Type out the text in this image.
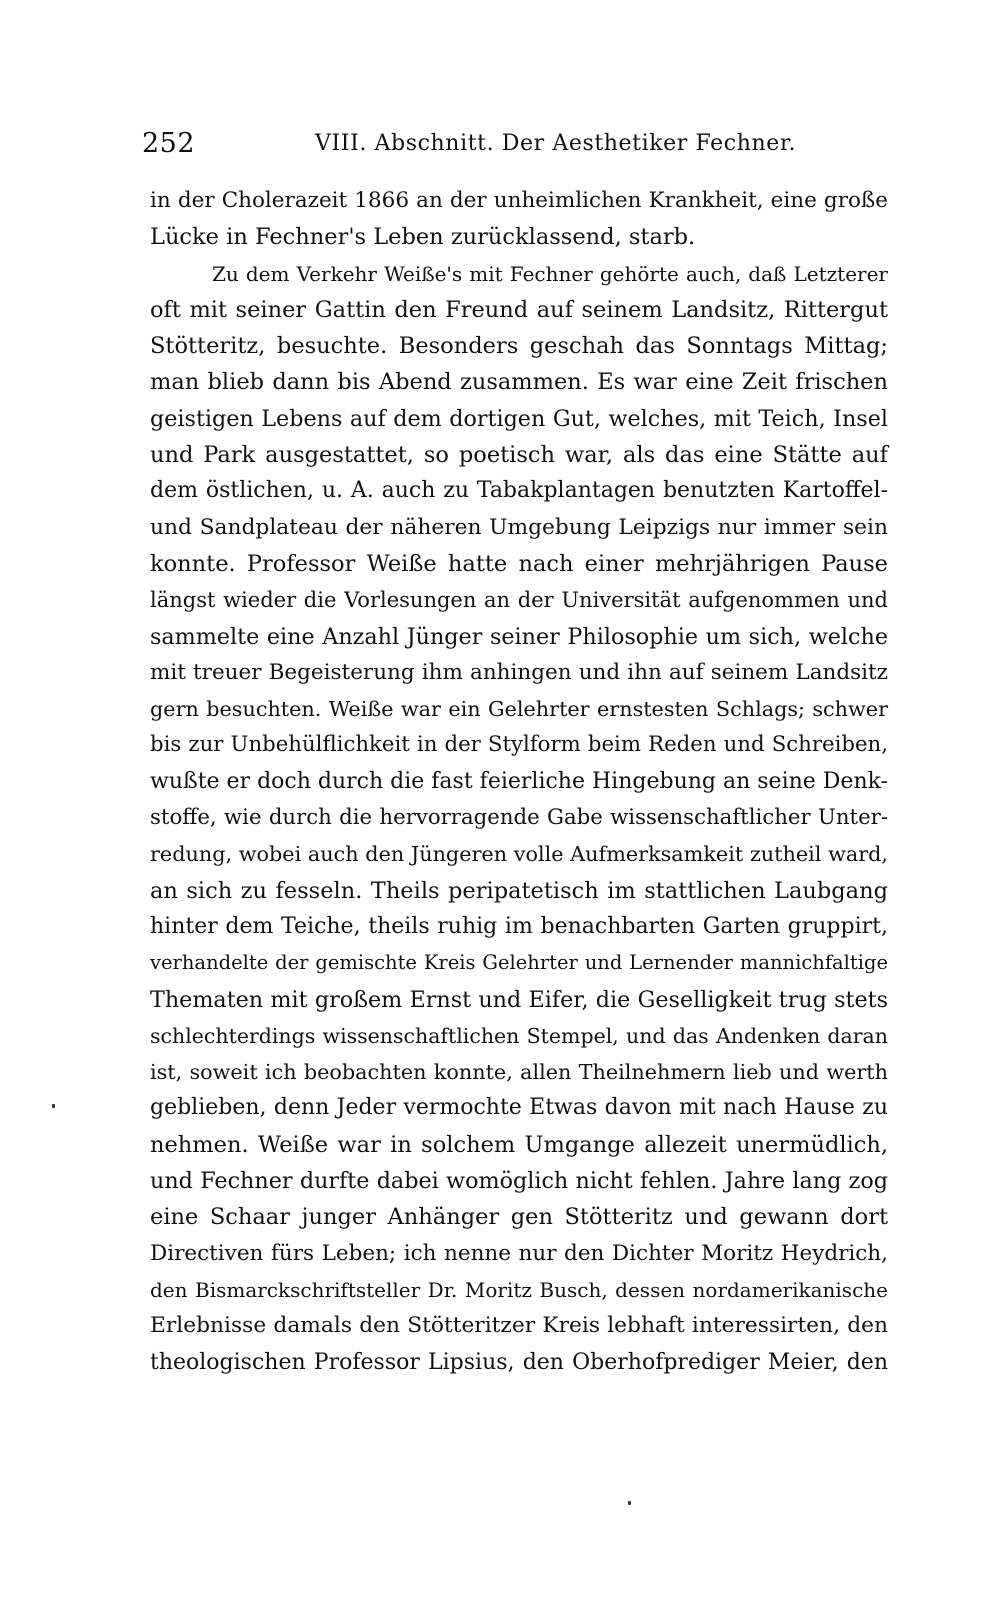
252	VIII. Abschnitt. Der Aesthetiker Fechner.
in der Cholerazeit 1866 an der unheimlichen Krankheit, eine große
Lücke in Fechner's Leben zurücklassend, starb.
Zu dem Verkehr Weiße's mit Fechner gehörte auch, daß Letzterer
oft mit seiner Gattin den Freund auf seinem Landsitz, Rittergut
Stötteritz, besuchte. Besonders geschah das Sonntags Mittag;
man blieb dann bis Abend zusammen. Es war eine Zeit frischen
geistigen Lebens auf dem dortigen Gut, welches, mit Teich, Insel
und Park ausgestattet, so poetisch war, als das eine Stätte auf
dem östlichen, u. A. auch zu Tabakplantagen benutzten Kartoffel-
und Sandplateau der näheren Umgebung Leipzigs nur immer sein
konnte. Professor Weiße hatte nach einer mehrjährigen Pause
längst wieder die Vorlesungen an der Universität aufgenommen und
sammelte eine Anzahl Jünger seiner Philosophie um sich, welche
mit treuer Begeisterung ihm anhingen und ihn auf seinem Landsitz
gern besuchten. Weiße war ein Gelehrter ernstesten Schlags; schwer
bis zur Unbehülflichkeit in der Stylform beim Reden und Schreiben,
wußte er doch durch die fast feierliche Hingebung an seine Denk-
stoffe, wie durch die hervorragende Gabe wissenschaftlicher Unter-
redung, wobei auch den Jüngeren volle Aufmerksamkeit zutheil ward,
an sich zu fesseln. Theils peripatetisch im stattlichen Laubgang
hinter dem Teiche, theils ruhig im benachbarten Garten gruppirt,
verhandelte der gemischte Kreis Gelehrter und Lernender mannichfaltige
Thematen mit großem Ernst und Eifer, die Geselligkeit trug stets
schlechterdings wissenschaftlichen Stempel, und das Andenken daran
ist, soweit ich beobachten konnte, allen Theilnehmern lieb und werth
geblieben, denn Jeder vermochte Etwas davon mit nach Hause zu
nehmen. Weiße war in solchem Umgange allezeit unermüdlich,
und Fechner durfte dabei womöglich nicht fehlen. Jahre lang zog
eine Schaar junger Anhänger gen Stötteritz und gewann dort
Directiven fürs Leben; ich nenne nur den Dichter Moritz Heydrich,
den Bismarckschriftsteller Dr. Moritz Busch, dessen nordamerikanische
Erlebnisse damals den Stötteritzer Kreis lebhaft interessirten, den
theologischen Professor Lipsius, den Oberhofprediger Meier, den
